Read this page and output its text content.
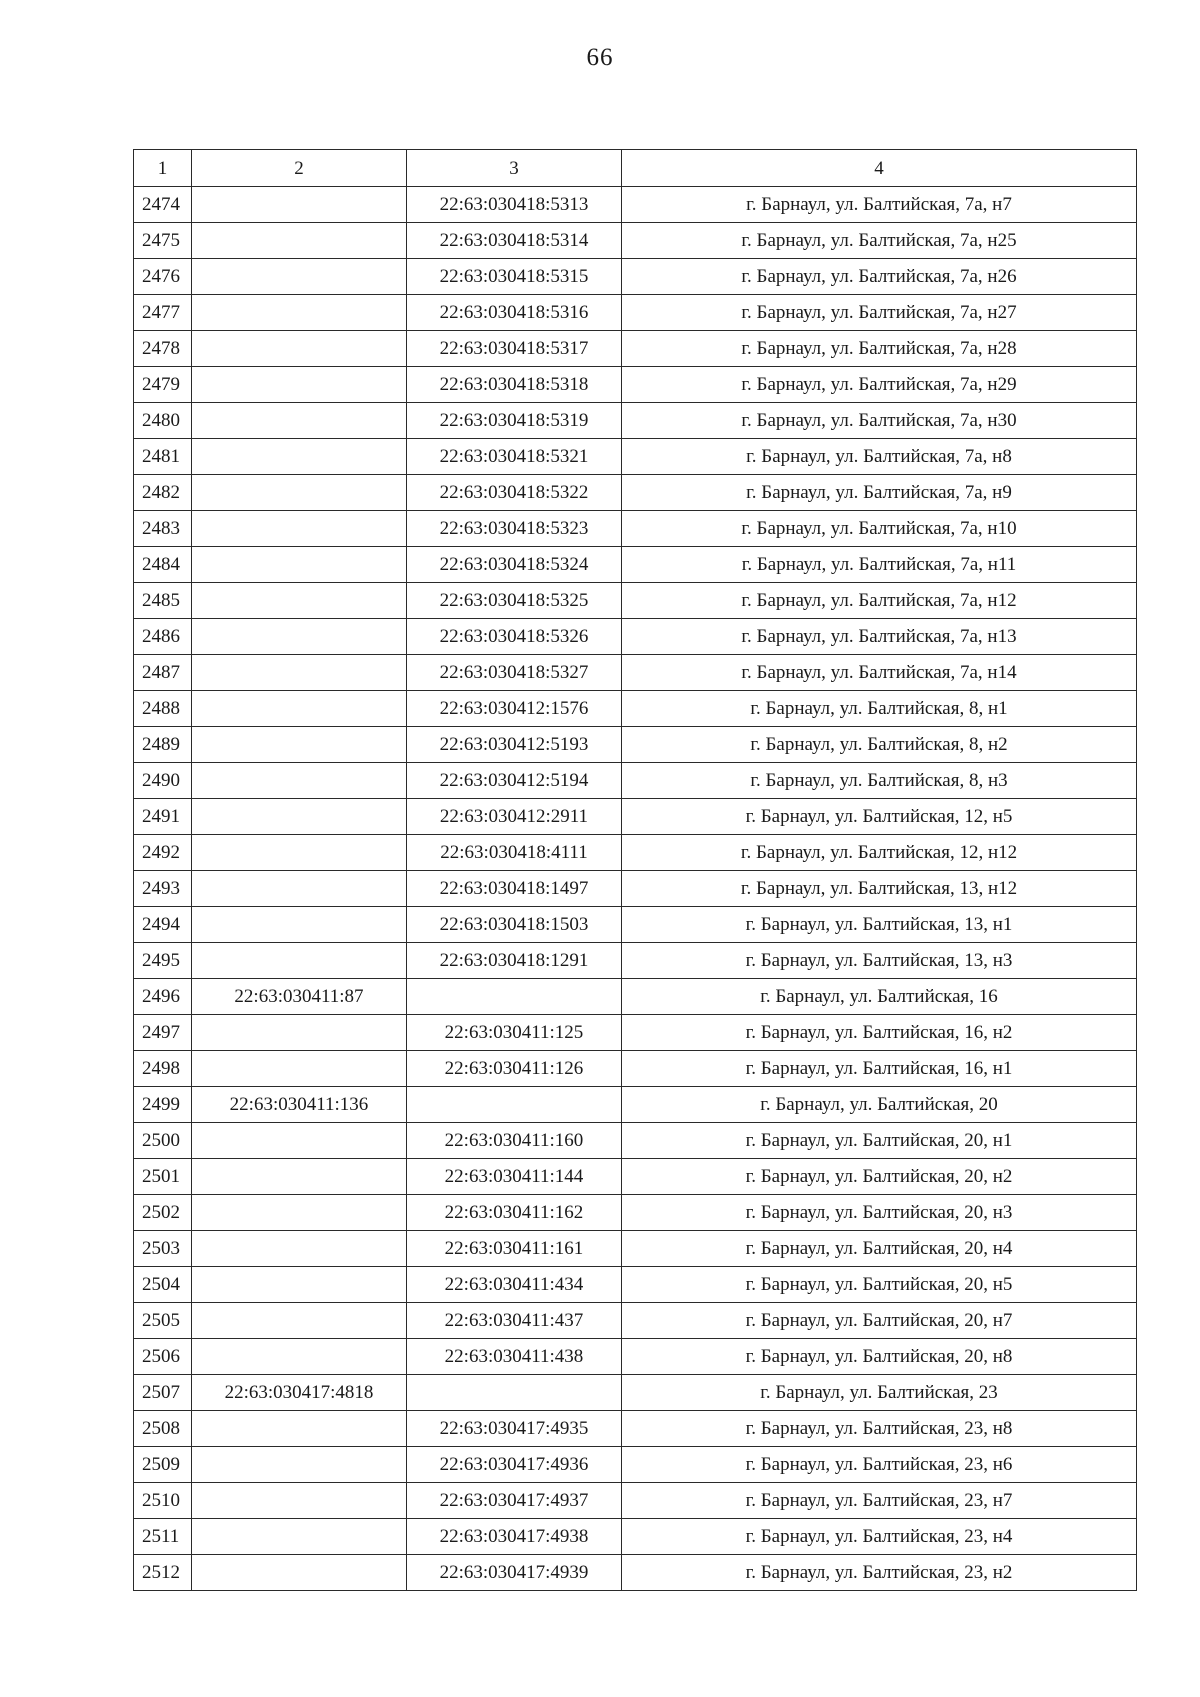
66
1	2	3	4
2474		22:63:030418:5313	г. Барнаул, ул. Балтийская, 7а, н7
2475		22:63:030418:5314	г. Барнаул, ул. Балтийская, 7а, н25
2476		22:63:030418:5315	г. Барнаул, ул. Балтийская, 7а, н26
2477		22:63:030418:5316	г. Барнаул, ул. Балтийская, 7а, н27
2478		22:63:030418:5317	г. Барнаул, ул. Балтийская, 7а, н28
2479		22:63:030418:5318	г. Барнаул, ул. Балтийская, 7а, н29
2480		22:63:030418:5319	г. Барнаул, ул. Балтийская, 7а, н30
2481		22:63:030418:5321	г. Барнаул, ул. Балтийская, 7а, н8
2482		22:63:030418:5322	г. Барнаул, ул. Балтийская, 7а, н9
2483		22:63:030418:5323	г. Барнаул, ул. Балтийская, 7а, н10
2484		22:63:030418:5324	г. Барнаул, ул. Балтийская, 7а, н11
2485		22:63:030418:5325	г. Барнаул, ул. Балтийская, 7а, н12
2486		22:63:030418:5326	г. Барнаул, ул. Балтийская, 7а, н13
2487		22:63:030418:5327	г. Барнаул, ул. Балтийская, 7а, н14
2488		22:63:030412:1576	г. Барнаул, ул. Балтийская, 8, н1
2489		22:63:030412:5193	г. Барнаул, ул. Балтийская, 8, н2
2490		22:63:030412:5194	г. Барнаул, ул. Балтийская, 8, н3
2491		22:63:030412:2911	г. Барнаул, ул. Балтийская, 12, н5
2492		22:63:030418:4111	г. Барнаул, ул. Балтийская, 12, н12
2493		22:63:030418:1497	г. Барнаул, ул. Балтийская, 13, н12
2494		22:63:030418:1503	г. Барнаул, ул. Балтийская, 13, н1
2495		22:63:030418:1291	г. Барнаул, ул. Балтийская, 13, н3
2496	22:63:030411:87		г. Барнаул, ул. Балтийская, 16
2497		22:63:030411:125	г. Барнаул, ул. Балтийская, 16, н2
2498		22:63:030411:126	г. Барнаул, ул. Балтийская, 16, н1
2499	22:63:030411:136		г. Барнаул, ул. Балтийская, 20
2500		22:63:030411:160	г. Барнаул, ул. Балтийская, 20, н1
2501		22:63:030411:144	г. Барнаул, ул. Балтийская, 20, н2
2502		22:63:030411:162	г. Барнаул, ул. Балтийская, 20, н3
2503		22:63:030411:161	г. Барнаул, ул. Балтийская, 20, н4
2504		22:63:030411:434	г. Барнаул, ул. Балтийская, 20, н5
2505		22:63:030411:437	г. Барнаул, ул. Балтийская, 20, н7
2506		22:63:030411:438	г. Барнаул, ул. Балтийская, 20, н8
2507	22:63:030417:4818		г. Барнаул, ул. Балтийская, 23
2508		22:63:030417:4935	г. Барнаул, ул. Балтийская, 23, н8
2509		22:63:030417:4936	г. Барнаул, ул. Балтийская, 23, н6
2510		22:63:030417:4937	г. Барнаул, ул. Балтийская, 23, н7
2511		22:63:030417:4938	г. Барнаул, ул. Балтийская, 23, н4
2512		22:63:030417:4939	г. Барнаул, ул. Балтийская, 23, н2
